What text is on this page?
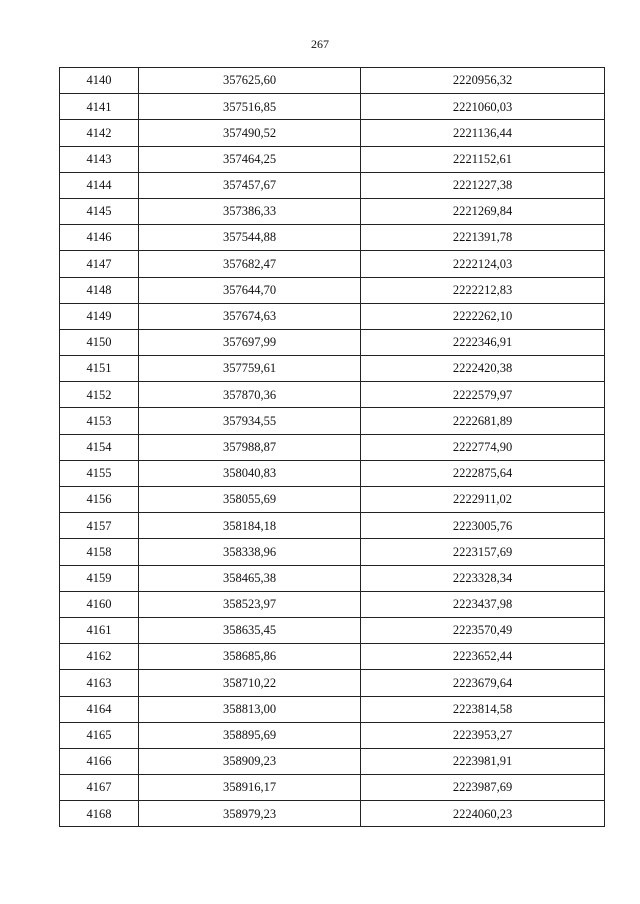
267
4140	357625,60	2220956,32
4141	357516,85	2221060,03
4142	357490,52	2221136,44
4143	357464,25	2221152,61
4144	357457,67	2221227,38
4145	357386,33	2221269,84
4146	357544,88	2221391,78
4147	357682,47	2222124,03
4148	357644,70	2222212,83
4149	357674,63	2222262,10
4150	357697,99	2222346,91
4151	357759,61	2222420,38
4152	357870,36	2222579,97
4153	357934,55	2222681,89
4154	357988,87	2222774,90
4155	358040,83	2222875,64
4156	358055,69	2222911,02
4157	358184,18	2223005,76
4158	358338,96	2223157,69
4159	358465,38	2223328,34
4160	358523,97	2223437,98
4161	358635,45	2223570,49
4162	358685,86	2223652,44
4163	358710,22	2223679,64
4164	358813,00	2223814,58
4165	358895,69	2223953,27
4166	358909,23	2223981,91
4167	358916,17	2223987,69
4168	358979,23	2224060,23
